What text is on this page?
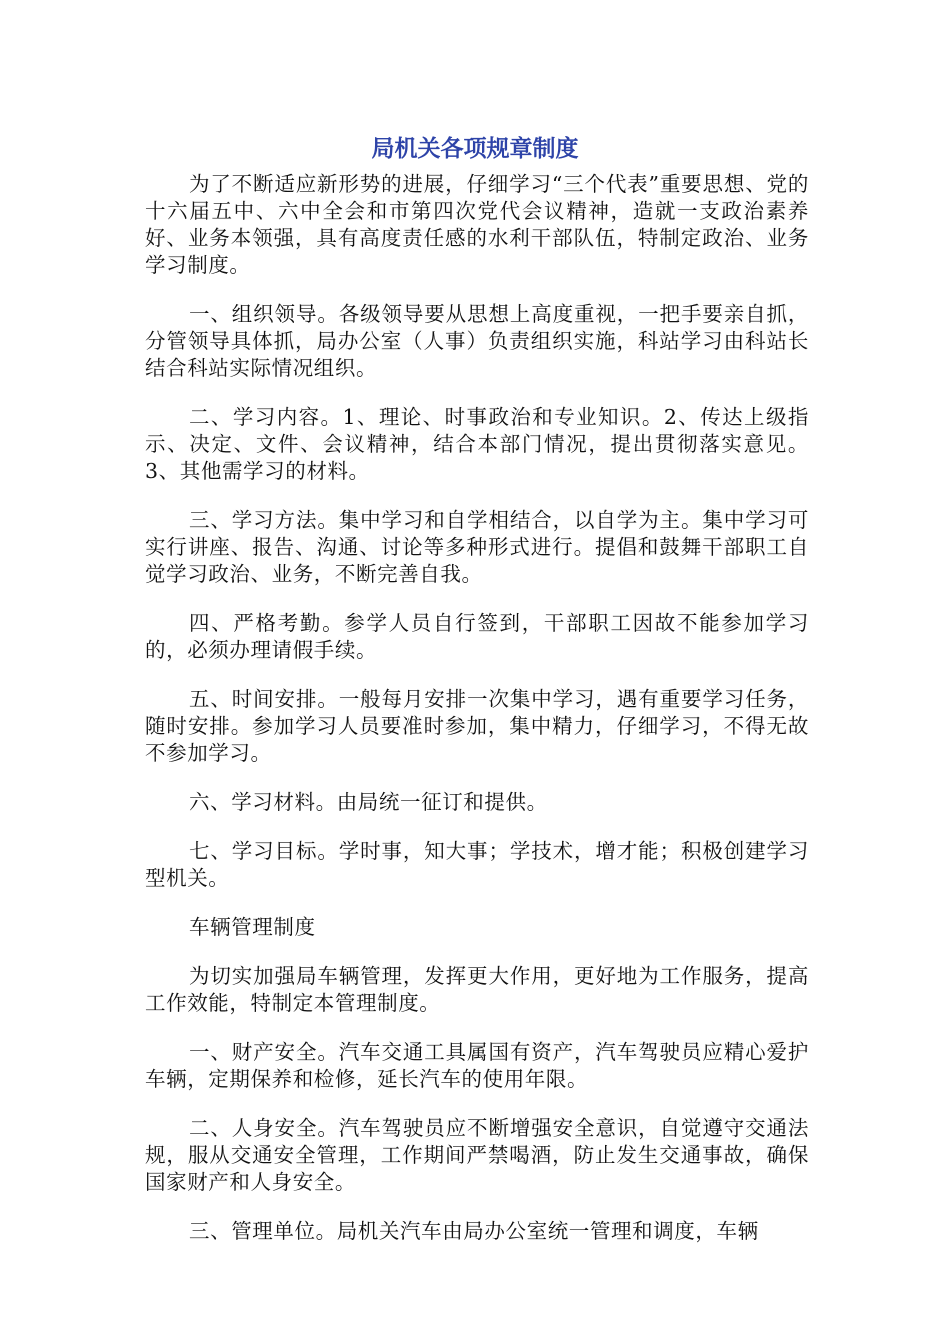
局机关各项规章制度

为了不断适应新形势的进展，仔细学习“三个代表”重要思想、党的十六届五中、六中全会和市第四次党代会议精神，造就一支政治素养好、业务本领强，具有高度责任感的水利干部队伍，特制定政治、业务学习制度。

一、组织领导。各级领导要从思想上高度重视，一把手要亲自抓，分管领导具体抓，局办公室（人事）负责组织实施，科站学习由科站长结合科站实际情况组织。

二、学习内容。1、理论、时事政治和专业知识。2、传达上级指示、决定、文件、会议精神，结合本部门情况，提出贯彻落实意见。3、其他需学习的材料。

三、学习方法。集中学习和自学相结合，以自学为主。集中学习可实行讲座、报告、沟通、讨论等多种形式进行。提倡和鼓舞干部职工自觉学习政治、业务，不断完善自我。

四、严格考勤。参学人员自行签到，干部职工因故不能参加学习的，必须办理请假手续。

五、时间安排。一般每月安排一次集中学习，遇有重要学习任务，随时安排。参加学习人员要准时参加，集中精力，仔细学习，不得无故不参加学习。

六、学习材料。由局统一征订和提供。

七、学习目标。学时事，知大事；学技术，增才能；积极创建学习型机关。

车辆管理制度

为切实加强局车辆管理，发挥更大作用，更好地为工作服务，提高工作效能，特制定本管理制度。

一、财产安全。汽车交通工具属国有资产，汽车驾驶员应精心爱护车辆，定期保养和检修，延长汽车的使用年限。

二、人身安全。汽车驾驶员应不断增强安全意识，自觉遵守交通法规，服从交通安全管理，工作期间严禁喝酒，防止发生交通事故，确保国家财产和人身安全。

三、管理单位。局机关汽车由局办公室统一管理和调度，车辆
